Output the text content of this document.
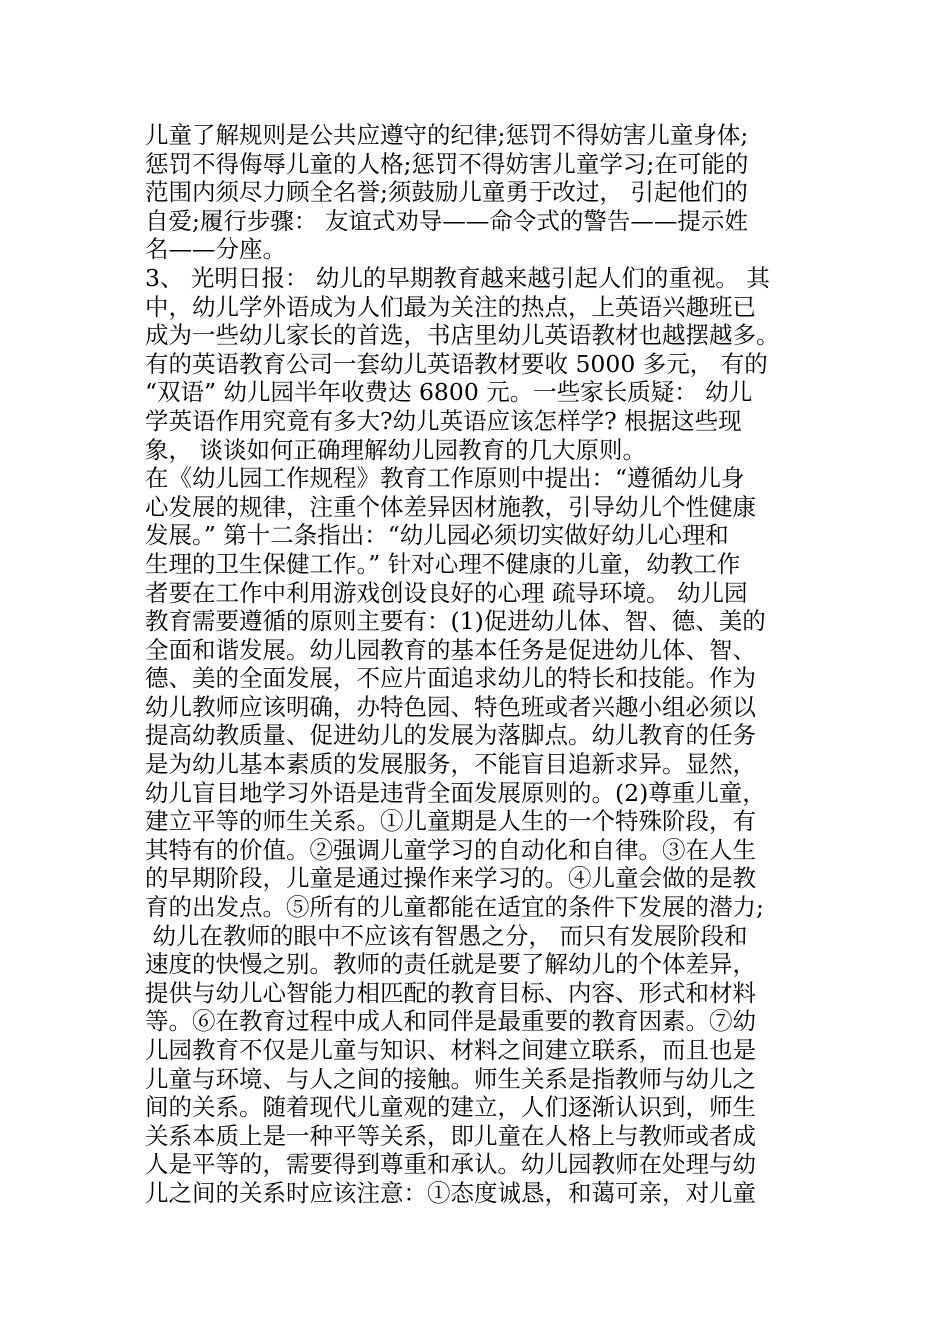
儿童了解规则是公共应遵守的纪律;惩罚不得妨害儿童身体;
惩罚不得侮辱儿童的人格;惩罚不得妨害儿童学习;在可能的
范围内须尽力顾全名誉;须鼓励儿童勇于改过， 引起他们的
自爱;履行步骤： 友谊式劝导——命令式的警告——提示姓
名——分座。
3、 光明日报： 幼儿的早期教育越来越引起人们的重视。 其
中，幼儿学外语成为人们最为关注的热点，上英语兴趣班已
成为一些幼儿家长的首选，书店里幼儿英语教材也越摆越多。
有的英语教育公司一套幼儿英语教材要收 5000 多元， 有的
“双语” 幼儿园半年收费达 6800 元。一些家长质疑： 幼儿
学英语作用究竟有多大?幼儿英语应该怎样学? 根据这些现
象， 谈谈如何正确理解幼儿园教育的几大原则。
在《幼儿园工作规程》教育工作原则中提出：“遵循幼儿身
心发展的规律，注重个体差异因材施教，引导幼儿个性健康
发展。” 第十二条指出：“幼儿园必须切实做好幼儿心理和
生理的卫生保健工作。” 针对心理不健康的儿童，幼教工作
者要在工作中利用游戏创设良好的心理 疏导环境。 幼儿园
教育需要遵循的原则主要有：(1)促进幼儿体、智、德、美的
全面和谐发展。幼儿园教育的基本任务是促进幼儿体、智、
德、美的全面发展，不应片面追求幼儿的特长和技能。作为
幼儿教师应该明确，办特色园、特色班或者兴趣小组必须以
提高幼教质量、促进幼儿的发展为落脚点。幼儿教育的任务
是为幼儿基本素质的发展服务，不能盲目追新求异。显然，
幼儿盲目地学习外语是违背全面发展原则的。(2)尊重儿童，
建立平等的师生关系。①儿童期是人生的一个特殊阶段，有
其特有的价值。②强调儿童学习的自动化和自律。③在人生
的早期阶段，儿童是通过操作来学习的。④儿童会做的是教
育的出发点。⑤所有的儿童都能在适宜的条件下发展的潜力;
幼儿在教师的眼中不应该有智愚之分， 而只有发展阶段和
速度的快慢之别。教师的责任就是要了解幼儿的个体差异，
提供与幼儿心智能力相匹配的教育目标、内容、形式和材料
等。⑥在教育过程中成人和同伴是最重要的教育因素。⑦幼
儿园教育不仅是儿童与知识、材料之间建立联系，而且也是
儿童与环境、与人之间的接触。师生关系是指教师与幼儿之
间的关系。随着现代儿童观的建立，人们逐渐认识到，师生
关系本质上是一种平等关系，即儿童在人格上与教师或者成
人是平等的，需要得到尊重和承认。幼儿园教师在处理与幼
儿之间的关系时应该注意：①态度诚恳，和蔼可亲，对儿童
